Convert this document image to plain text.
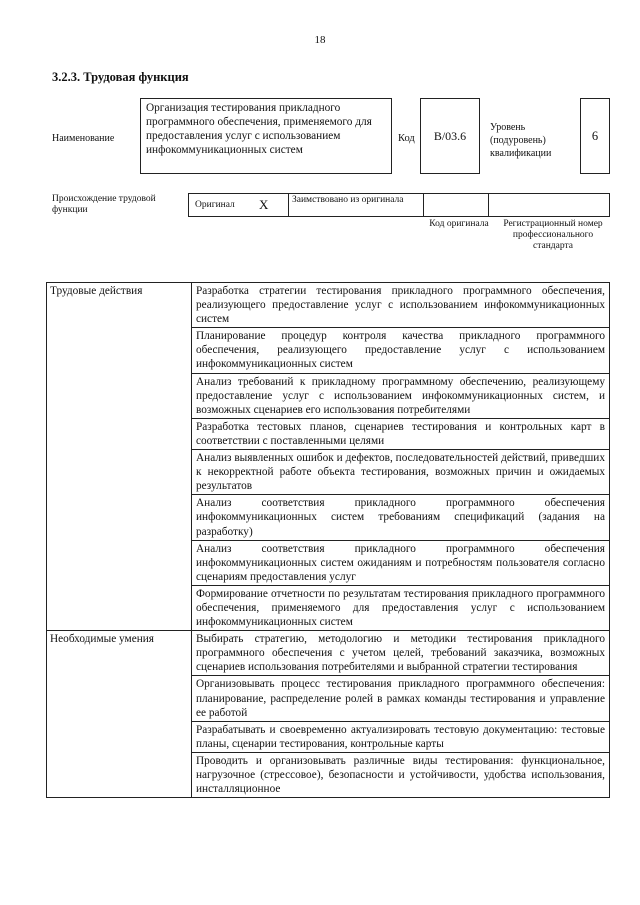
18
3.2.3. Трудовая функция
Наименование
Организация тестирования прикладного программного обеспечения, применяемого для предоставления услуг с использованием инфокоммуникационных систем
Код B/03.6
Уровень (подуровень) квалификации
6
Происхождение трудовой функции	Оригинал X Заимствовано из оригинала
Код оригинала	Регистрационный номер профессионального стандарта
Трудовые действия	Разработка стратегии тестирования прикладного программного обеспечения, реализующего предоставление услуг с использованием инфокоммуникационных систем
	Планирование процедур контроля качества прикладного программного обеспечения, реализующего предоставление услуг с использованием инфокоммуникационных систем
	Анализ требований к прикладному программному обеспечению, реализующему предоставление услуг с использованием инфокоммуникационных систем, и возможных сценариев его использования потребителями
	Разработка тестовых планов, сценариев тестирования и контрольных карт в соответствии с поставленными целями
	Анализ выявленных ошибок и дефектов, последовательностей действий, приведших к некорректной работе объекта тестирования, возможных причин и ожидаемых результатов
	Анализ соответствия прикладного программного обеспечения инфокоммуникационных систем требованиям спецификаций (задания на разработку)
	Анализ соответствия прикладного программного обеспечения инфокоммуникационных систем ожиданиям и потребностям пользователя согласно сценариям предоставления услуг
	Формирование отчетности по результатам тестирования прикладного программного обеспечения, применяемого для предоставления услуг с использованием инфокоммуникационных систем
Необходимые умения	Выбирать стратегию, методологию и методики тестирования прикладного программного обеспечения с учетом целей, требований заказчика, возможных сценариев использования потребителями и выбранной стратегии тестирования
	Организовывать процесс тестирования прикладного программного обеспечения: планирование, распределение ролей в рамках команды тестирования и управление ее работой
	Разрабатывать и своевременно актуализировать тестовую документацию: тестовые планы, сценарии тестирования, контрольные карты
	Проводить и организовывать различные виды тестирования: функциональное, нагрузочное (стрессовое), безопасности и устойчивости, удобства использования, инсталляционное
